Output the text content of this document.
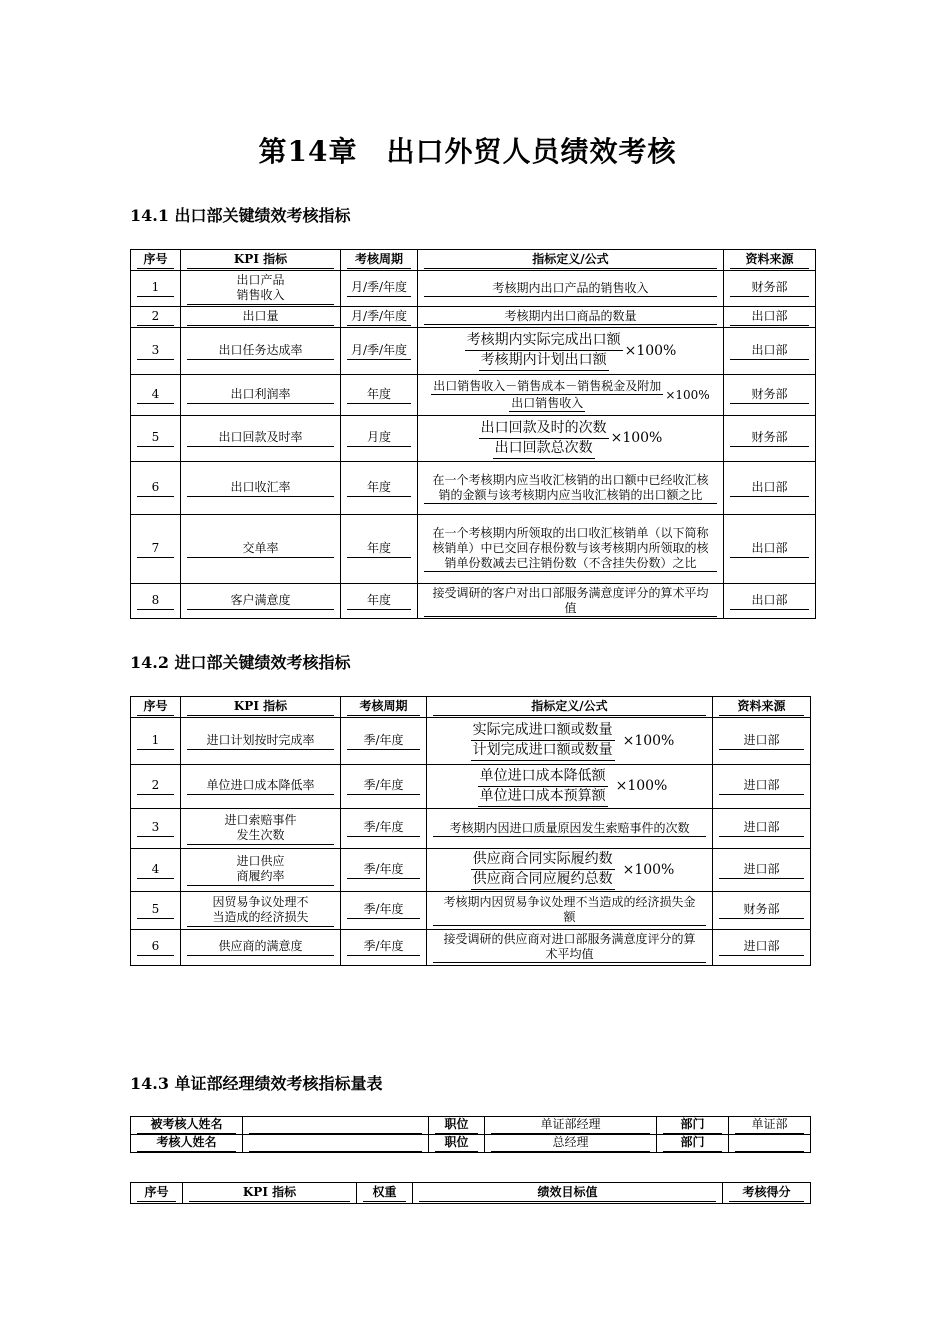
第14章　出口外贸人员绩效考核
14.1 出口部关键绩效考核指标
序号	KPI 指标	考核周期	指标定义/公式	资料来源

1	出口产品
销售收入	月/季/年度	考核期内出口产品的销售收入	财务部

2	出口量	月/季/年度	考核期内出口商品的数量	出口部

3	出口任务达成率	月/季/年度	$\frac{\text{考核期内实际完成出口额}}{\text{考核期内计划出口额}} \times 100\%$	出口部

4	出口利润率	年度	$\frac{\text{出口销售收入－销售成本－销售税金及附加}}{\text{出口销售收入}} \times 100\%$	财务部

5	出口回款及时率	月度	$\frac{\text{出口回款及时的次数}}{\text{出口回款总次数}} \times 100\%$	财务部

6	出口收汇率	年度	在一个考核期内应当收汇核销的出口额中已经收汇核销的金额与该考核期内应当收汇核销的出口额之比	出口部

7	交单率	年度	在一个考核期内所领取的出口收汇核销单（以下简称核销单）中已交回存根份数与该考核期内所领取的核销单份数减去已注销份数（不含挂失份数）之比	出口部

8	客户满意度	年度	接受调研的客户对出口部服务满意度评分的算术平均值	出口部
14.2 进口部关键绩效考核指标
序号	KPI 指标	考核周期	指标定义/公式	资料来源

1	进口计划按时完成率	季/年度	$\frac{\text{实际完成进口额或数量}}{\text{计划完成进口额或数量}} \times 100\%$	进口部

2	单位进口成本降低率	季/年度	$\frac{\text{单位进口成本降低额}}{\text{单位进口成本预算额}} \times 100\%$	进口部

3	进口索赔事件
发生次数	季/年度	考核期内因进口质量原因发生索赔事件的次数	进口部

4	进口供应
商履约率	季/年度	$\frac{\text{供应商合同实际履约数}}{\text{供应商合同应履约总数}} \times 100\%$	进口部

5	因贸易争议处理不
当造成的经济损失	季/年度	考核期内因贸易争议处理不当造成的经济损失金额	财务部

6	供应商的满意度	季/年度	接受调研的供应商对进口部服务满意度评分的算术平均值	进口部
14.3 单证部经理绩效考核指标量表
被考核人姓名		职位	单证部经理	部门	单证部

考核人姓名		职位	总经理	部门	

序号	KPI 指标	权重	绩效目标值	考核得分
